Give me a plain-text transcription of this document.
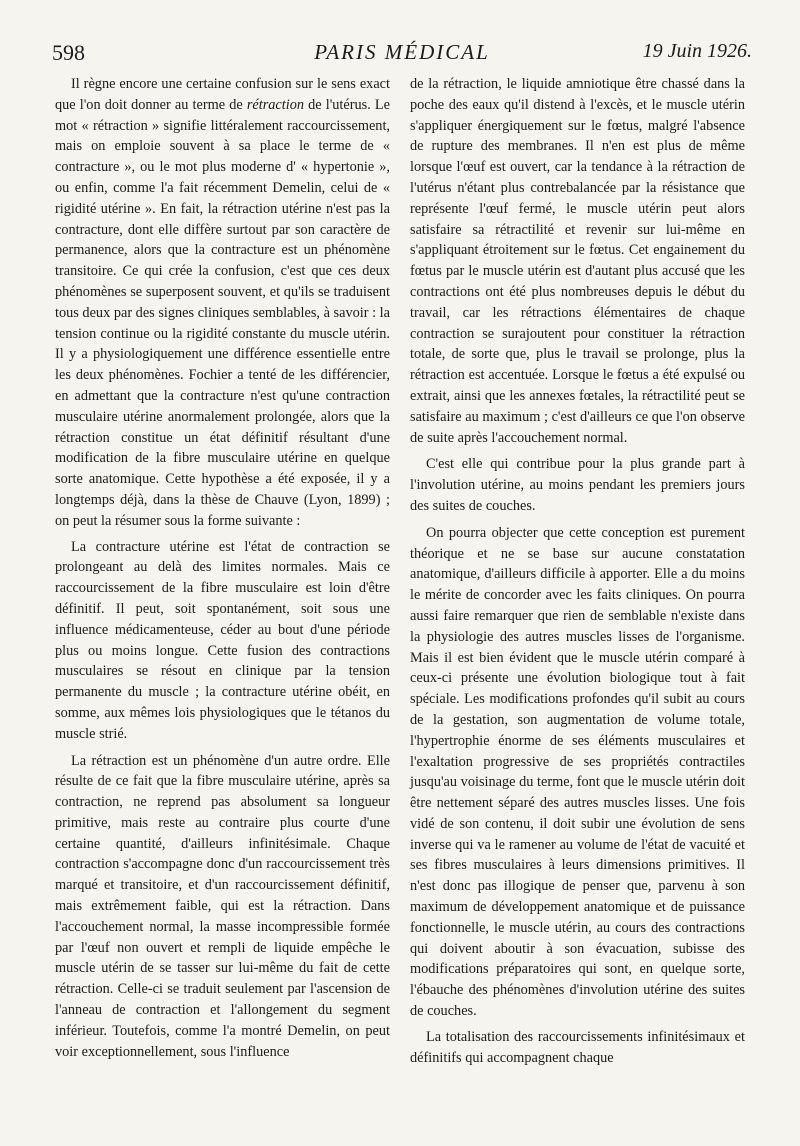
598	PARIS MÉDICAL	19 Juin 1926.

Il règne encore une certaine confusion sur le sens exact que l'on doit donner au terme de rétraction de l'utérus. Le mot « rétraction » signifie littéralement raccourcissement, mais on emploie souvent à sa place le terme de « contracture », ou le mot plus moderne d' « hypertonie », ou enfin, comme l'a fait récemment Demelin, celui de « rigidité utérine ». En fait, la rétraction utérine n'est pas la contracture, dont elle diffère surtout par son caractère de permanence, alors que la contracture est un phénomène transitoire. Ce qui crée la confusion, c'est que ces deux phénomènes se superposent souvent, et qu'ils se traduisent tous deux par des signes cliniques semblables, à savoir : la tension continue ou la rigidité constante du muscle utérin. Il y a physiologiquement une différence essentielle entre les deux phénomènes. Fochier a tenté de les différencier, en admettant que la contracture n'est qu'une contraction musculaire utérine anormalement prolongée, alors que la rétraction constitue un état définitif résultant d'une modification de la fibre musculaire utérine en quelque sorte anatomique. Cette hypothèse a été exposée, il y a longtemps déjà, dans la thèse de Chauve (Lyon, 1899) ; on peut la résumer sous la forme suivante :

La contracture utérine est l'état de contraction se prolongeant au delà des limites normales. Mais ce raccourcissement de la fibre musculaire est loin d'être définitif. Il peut, soit spontanément, soit sous une influence médicamenteuse, céder au bout d'une période plus ou moins longue. Cette fusion des contractions musculaires se résout en clinique par la tension permanente du muscle ; la contracture utérine obéit, en somme, aux mêmes lois physiologiques que le tétanos du muscle strié.

La rétraction est un phénomène d'un autre ordre. Elle résulte de ce fait que la fibre musculaire utérine, après sa contraction, ne reprend pas absolument sa longueur primitive, mais reste au contraire plus courte d'une certaine quantité, d'ailleurs infinitésimale. Chaque contraction s'accompagne donc d'un raccourcissement très marqué et transitoire, et d'un raccourcissement définitif, mais extrêmement faible, qui est la rétraction. Dans l'accouchement normal, la masse incompressible formée par l'œuf non ouvert et rempli de liquide empêche le muscle utérin de se tasser sur lui-même du fait de cette rétraction. Celle-ci se traduit seulement par l'ascension de l'anneau de contraction et l'allongement du segment inférieur. Toutefois, comme l'a montré Demelin, on peut voir exceptionnellement, sous l'influence

de la rétraction, le liquide amniotique être chassé dans la poche des eaux qu'il distend à l'excès, et le muscle utérin s'appliquer énergiquement sur le fœtus, malgré l'absence de rupture des membranes. Il n'en est plus de même lorsque l'œuf est ouvert, car la tendance à la rétraction de l'utérus n'étant plus contrebalancée par la résistance que représente l'œuf fermé, le muscle utérin peut alors satisfaire sa rétractilité et revenir sur lui-même en s'appliquant étroitement sur le fœtus. Cet engainement du fœtus par le muscle utérin est d'autant plus accusé que les contractions ont été plus nombreuses depuis le début du travail, car les rétractions élémentaires de chaque contraction se surajoutent pour constituer la rétraction totale, de sorte que, plus le travail se prolonge, plus la rétraction est accentuée. Lorsque le fœtus a été expulsé ou extrait, ainsi que les annexes fœtales, la rétractilité peut se satisfaire au maximum ; c'est d'ailleurs ce que l'on observe de suite après l'accouchement normal.

C'est elle qui contribue pour la plus grande part à l'involution utérine, au moins pendant les premiers jours des suites de couches.

On pourra objecter que cette conception est purement théorique et ne se base sur aucune constatation anatomique, d'ailleurs difficile à apporter. Elle a du moins le mérite de concorder avec les faits cliniques. On pourra aussi faire remarquer que rien de semblable n'existe dans la physiologie des autres muscles lisses de l'organisme. Mais il est bien évident que le muscle utérin comparé à ceux-ci présente une évolution biologique tout à fait spéciale. Les modifications profondes qu'il subit au cours de la gestation, son augmentation de volume totale, l'hypertrophie énorme de ses éléments musculaires et l'exaltation progressive de ses propriétés contractiles jusqu'au voisinage du terme, font que le muscle utérin doit être nettement séparé des autres muscles lisses. Une fois vidé de son contenu, il doit subir une évolution de sens inverse qui va le ramener au volume de l'état de vacuité et ses fibres musculaires à leurs dimensions primitives. Il n'est donc pas illogique de penser que, parvenu à son maximum de développement anatomique et de puissance fonctionnelle, le muscle utérin, au cours des contractions qui doivent aboutir à son évacuation, subisse des modifications préparatoires qui sont, en quelque sorte, l'ébauche des phénomènes d'involution utérine des suites de couches.

La totalisation des raccourcissements infinitésimaux et définitifs qui accompagnent chaque
